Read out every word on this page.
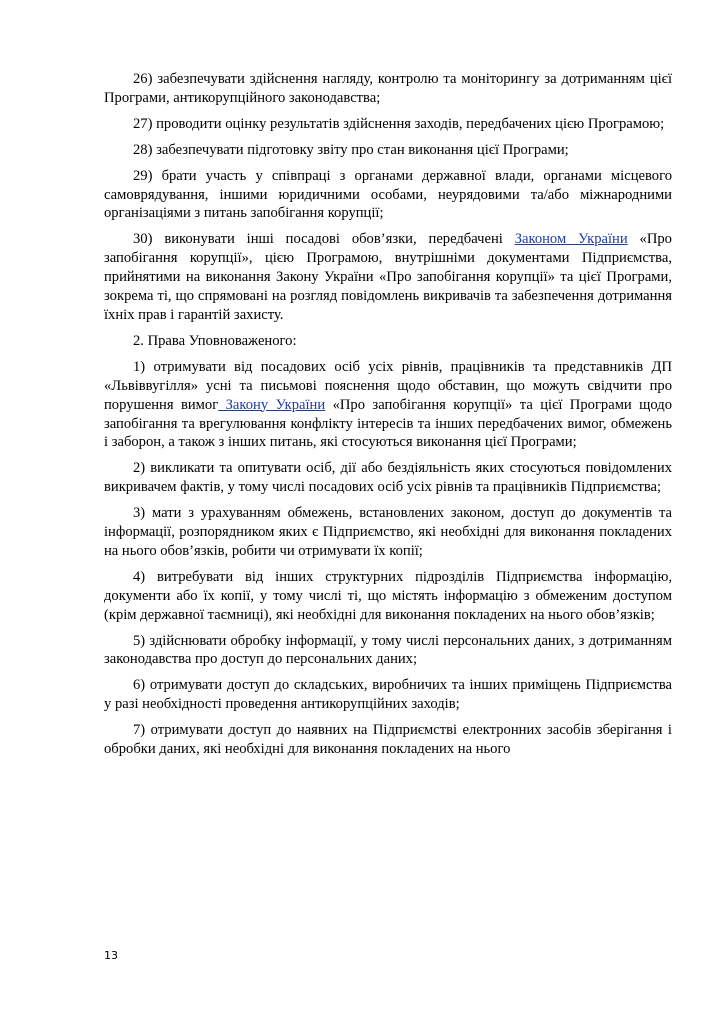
26) забезпечувати здійснення нагляду, контролю та моніторингу за дотриманням цієї Програми, антикорупційного законодавства;

27) проводити оцінку результатів здійснення заходів, передбачених цією Програмою;

28) забезпечувати підготовку звіту про стан виконання цієї Програми;

29) брати участь у співпраці з органами державної влади, органами місцевого самоврядування, іншими юридичними особами, неурядовими та/або міжнародними організаціями з питань запобігання корупції;

30) виконувати інші посадові обов’язки, передбачені Законом України «Про запобігання корупції», цією Програмою, внутрішніми документами Підприємства, прийнятими на виконання Закону України «Про запобігання корупції» та цієї Програми, зокрема ті, що спрямовані на розгляд повідомлень викривачів та забезпечення дотримання їхніх прав і гарантій захисту.

2. Права Уповноваженого:

1) отримувати від посадових осіб усіх рівнів, працівників та представників ДП «Львіввугілля» усні та письмові пояснення щодо обставин, що можуть свідчити про порушення вимог Закону України «Про запобігання корупції» та цієї Програми щодо запобігання та врегулювання конфлікту інтересів та інших передбачених вимог, обмежень і заборон, а також з інших питань, які стосуються виконання цієї Програми;

2) викликати та опитувати осіб, дії або бездіяльність яких стосуються повідомлених викривачем фактів, у тому числі посадових осіб усіх рівнів та працівників Підприємства;

3) мати з урахуванням обмежень, встановлених законом, доступ до документів та інформації, розпорядником яких є Підприємство, які необхідні для виконання покладених на нього обов’язків, робити чи отримувати їх копії;

4) витребувати від інших структурних підрозділів Підприємства інформацію, документи або їх копії, у тому числі ті, що містять інформацію з обмеженим доступом (крім державної таємниці), які необхідні для виконання покладених на нього обов’язків;

5) здійснювати обробку інформації, у тому числі персональних даних, з дотриманням законодавства про доступ до персональних даних;

6) отримувати доступ до складських, виробничих та інших приміщень Підприємства у разі необхідності проведення антикорупційних заходів;

7) отримувати доступ до наявних на Підприємстві електронних засобів зберігання і обробки даних, які необхідні для виконання покладених на нього

13
